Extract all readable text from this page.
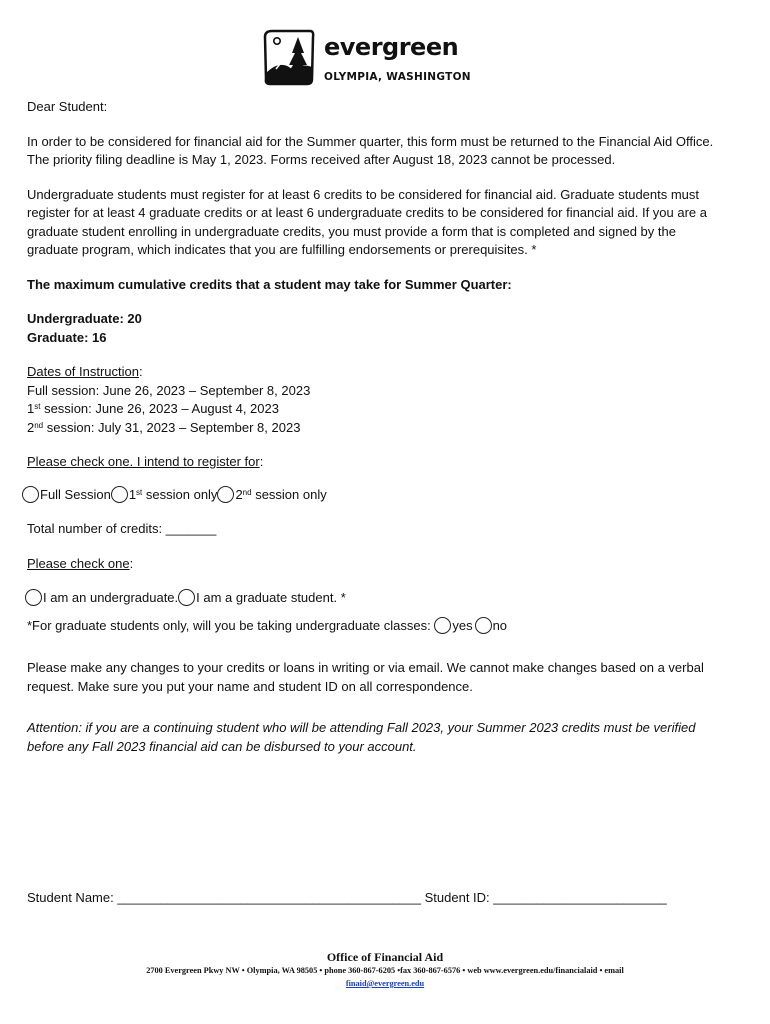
evergreen
OLYMPIA, WASHINGTON

Dear Student:

In order to be considered for financial aid for the Summer quarter, this form must be returned to the Financial Aid Office. The priority filing deadline is May 1, 2023. Forms received after August 18, 2023 cannot be processed.

Undergraduate students must register for at least 6 credits to be considered for financial aid. Graduate students must register for at least 4 graduate credits or at least 6 undergraduate credits to be considered for financial aid. If you are a graduate student enrolling in undergraduate credits, you must provide a form that is completed and signed by the graduate program, which indicates that you are fulfilling endorsements or prerequisites. *

The maximum cumulative credits that a student may take for Summer Quarter:

Undergraduate: 20

Graduate: 16

Dates of Instruction:

Full session: June 26, 2023 – September 8, 2023

1st session: June 26, 2023 – August 4, 2023

2nd session: July 31, 2023 – September 8, 2023

Please check one. I intend to register for:

Full Session 1st session only 2nd session only

Total number of credits: _______

Please check one:

I am an undergraduate. I am a graduate student. *

*For graduate students only, will you be taking undergraduate classes: yes no

Please make any changes to your credits or loans in writing or via email. We cannot make changes based on a verbal request. Make sure you put your name and student ID on all correspondence.

Attention: if you are a continuing student who will be attending Fall 2023, your Summer 2023 credits must be verified before any Fall 2023 financial aid can be disbursed to your account.

Student Name: __________________________________________ Student ID: ________________________
Office of Financial Aid
2700 Evergreen Pkwy NW • Olympia, WA 98505 • phone 360-867-6205 •fax 360-867-6576 • web www.evergreen.edu/financialaid • email
finaid@evergreen.edu
